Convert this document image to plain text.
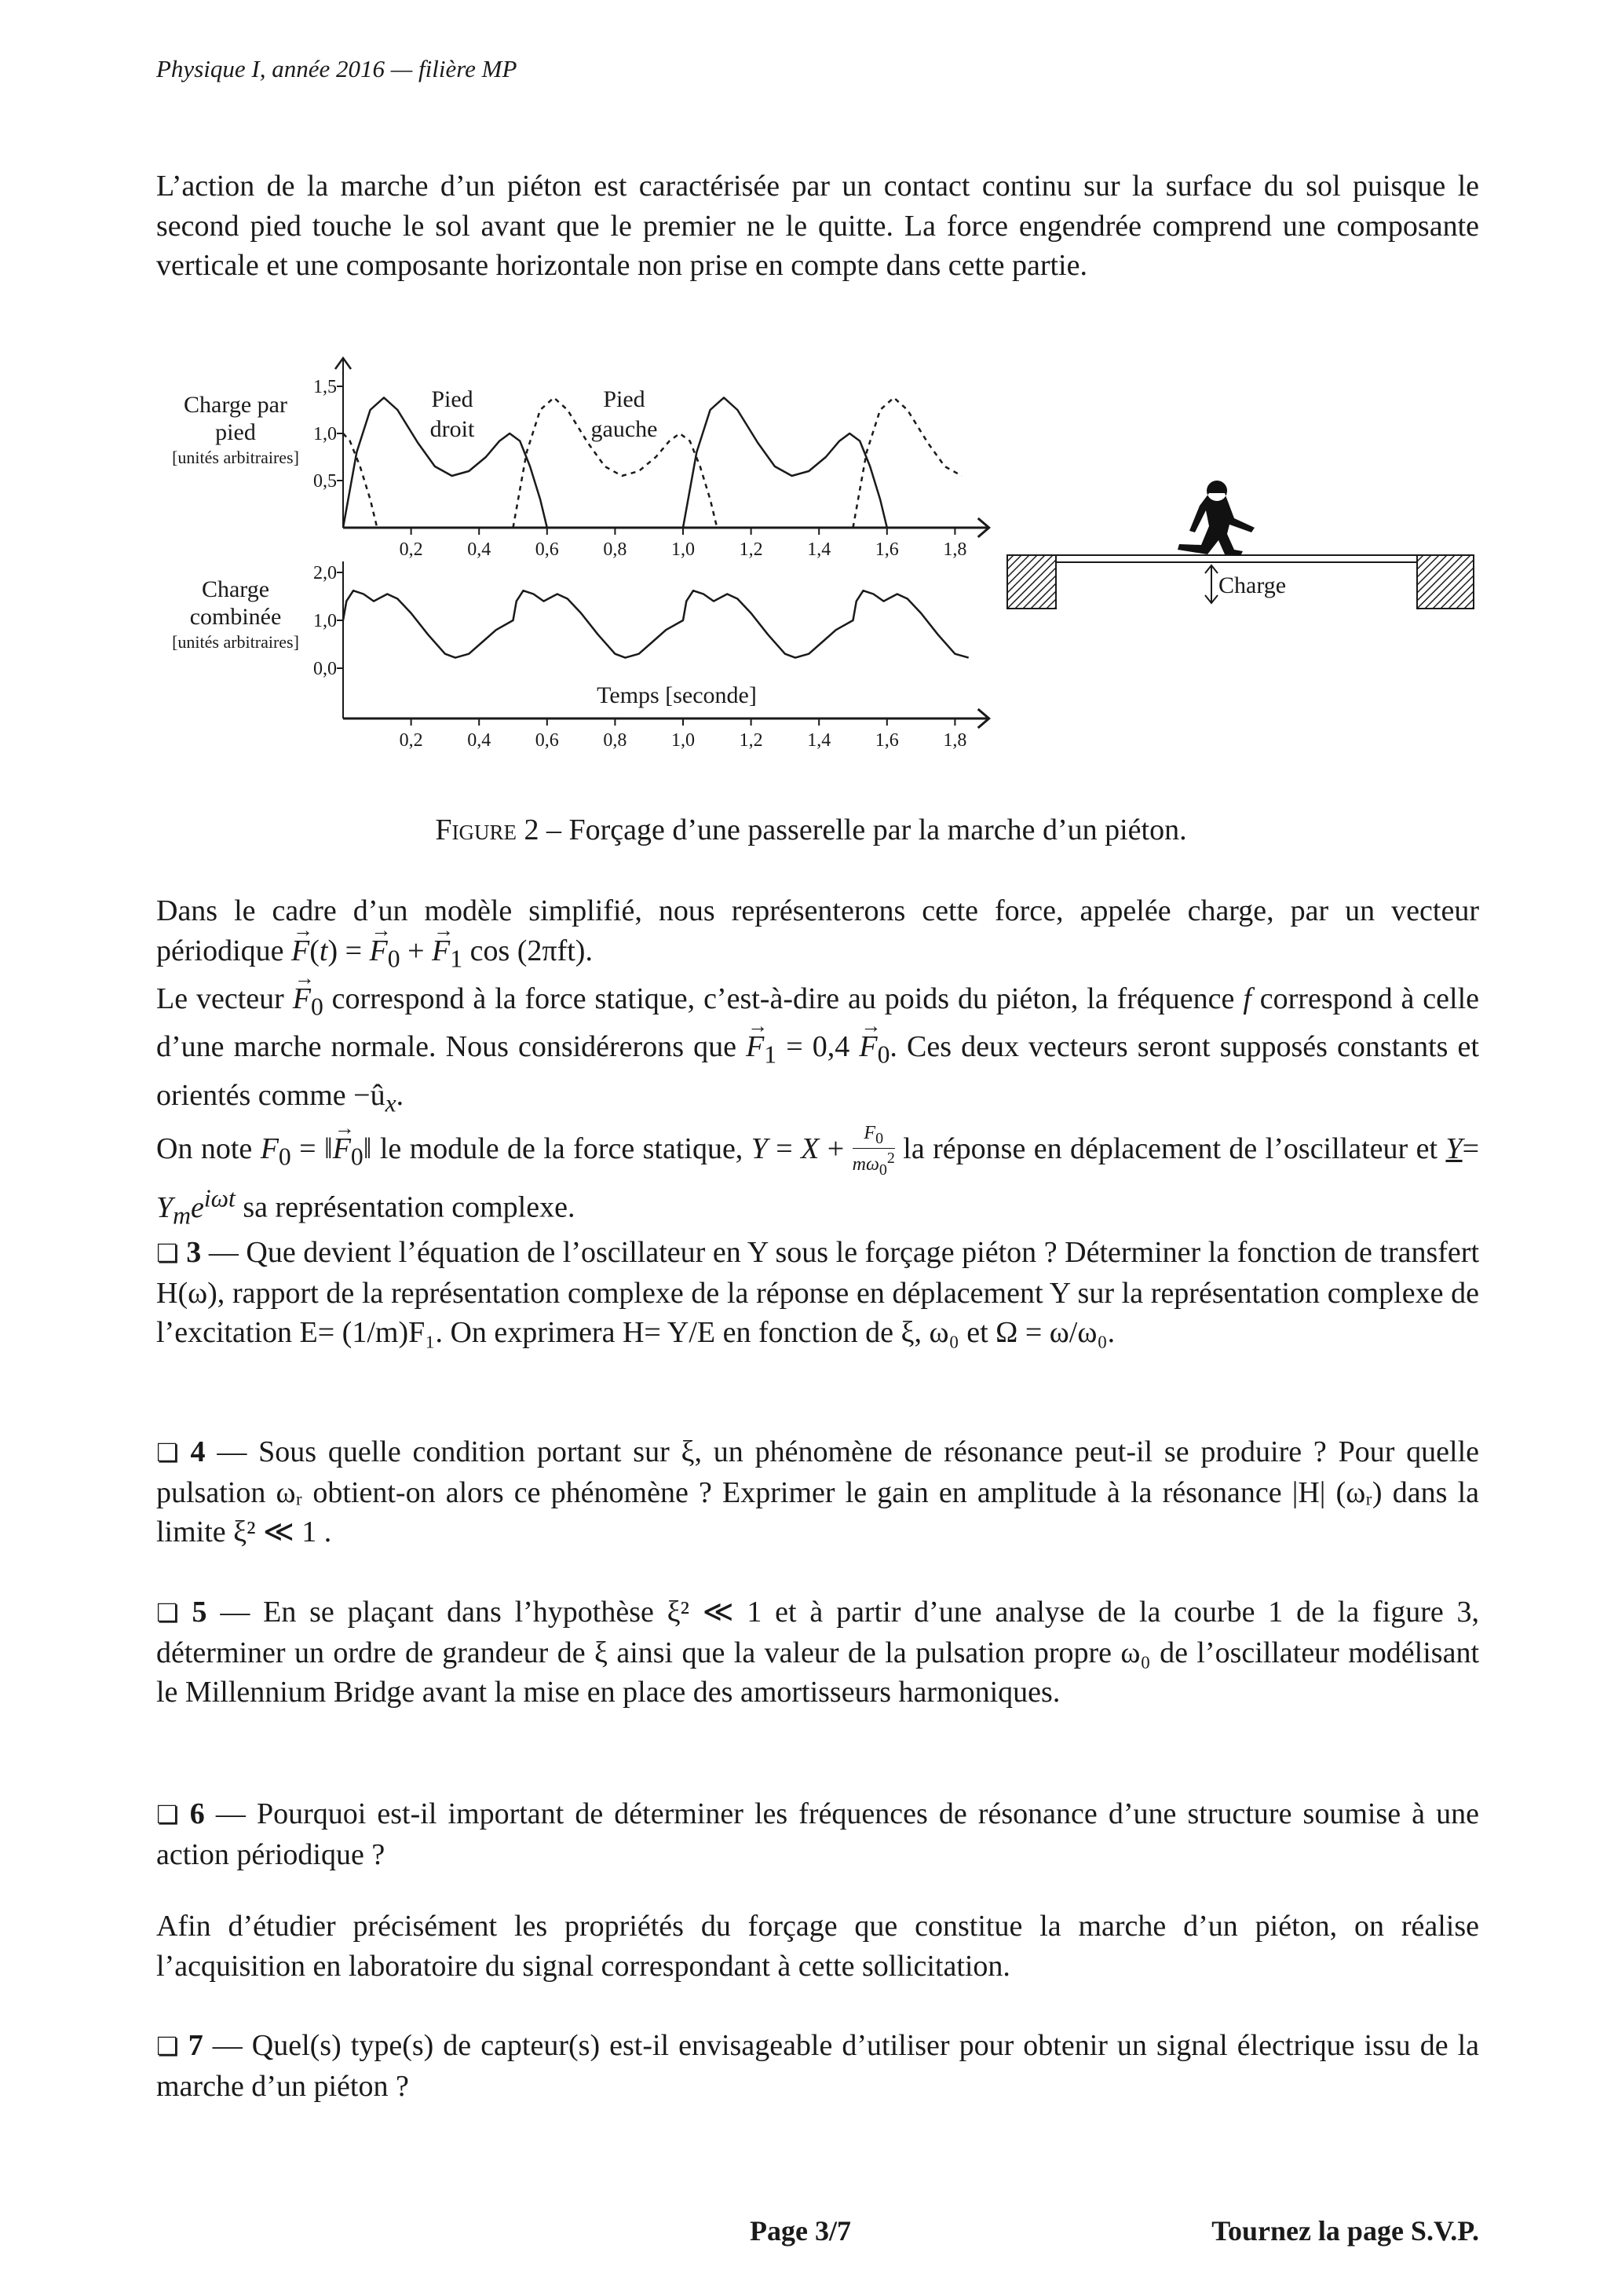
Physique I, année 2016 — filière MP
L’action de la marche d’un piéton est caractérisée par un contact continu sur la surface du sol puisque le second pied touche le sol avant que le premier ne le quitte. La force engendrée comprend une composante verticale et une composante horizontale non prise en compte dans cette partie.
0,2 0,4 0,6 0,8 1,0 1,2 1,4 1,6 1,8
0,5
1,0
1,5
Charge par
pied
[unités arbitraires]
Pied
droit
Pied
gauche
0,2 0,4 0,6 0,8 1,0 1,2 1,4 1,6 1,8
0,0
1,0
2,0
Charge
combinée
[unités arbitraires]
Temps [seconde]
Charge
Figure 2 – Forçage d’une passerelle par la marche d’un piéton.
Dans le cadre d’un modèle simplifié, nous représenterons cette force, appelée charge, par un vecteur périodique → F(t) = → $F_0$ + → $F_1$ cos (2πft).
Le vecteur → $F_0$ correspond à la force statique, c’est-à-dire au poids du piéton, la fréquence f correspond à celle d’une marche normale. Nous considérerons que → $F_1 = 0,4 \to F_0$. Ces deux vecteurs seront supposés constants et orientés comme $-û_x$.
On note $F_0$ = ‖→ $F_0‖$ le module de la force statique, $Y = X + \frac{F_0}{m\omega_0^2}$ la réponse en déplacement de l’oscillateur et $Y= Y_me^{i\omega t}$ sa représentation complexe.
❏ 3 — Que devient l’équation de l’oscillateur en Y sous le forçage piéton ? Déterminer la fonction de transfert H(ω), rapport de la représentation complexe de la réponse en déplacement Y sur la représentation complexe de l’excitation E= (1/m)F₁. On exprimera H= Y/E en fonction de ξ, ω₀ et Ω = ω/ω₀.
❏ 4 — Sous quelle condition portant sur ξ, un phénomène de résonance peut-il se produire ? Pour quelle pulsation ωᵣ obtient-on alors ce phénomène ? Exprimer le gain en amplitude à la résonance |H| (ωᵣ) dans la limite ξ² ≪ 1 .
❏ 5 — En se plaçant dans l’hypothèse ξ² ≪ 1 et à partir d’une analyse de la courbe 1 de la figure 3, déterminer un ordre de grandeur de ξ ainsi que la valeur de la pulsation propre ω₀ de l’oscillateur modélisant le Millennium Bridge avant la mise en place des amortisseurs harmoniques.
❏ 6 — Pourquoi est-il important de déterminer les fréquences de résonance d’une structure soumise à une action périodique ?
Afin d’étudier précisément les propriétés du forçage que constitue la marche d’un piéton, on réalise l’acquisition en laboratoire du signal correspondant à cette sollicitation.
❏ 7 — Quel(s) type(s) de capteur(s) est-il envisageable d’utiliser pour obtenir un signal électrique issu de la marche d’un piéton ?
Page 3/7	Tournez la page S.V.P.
